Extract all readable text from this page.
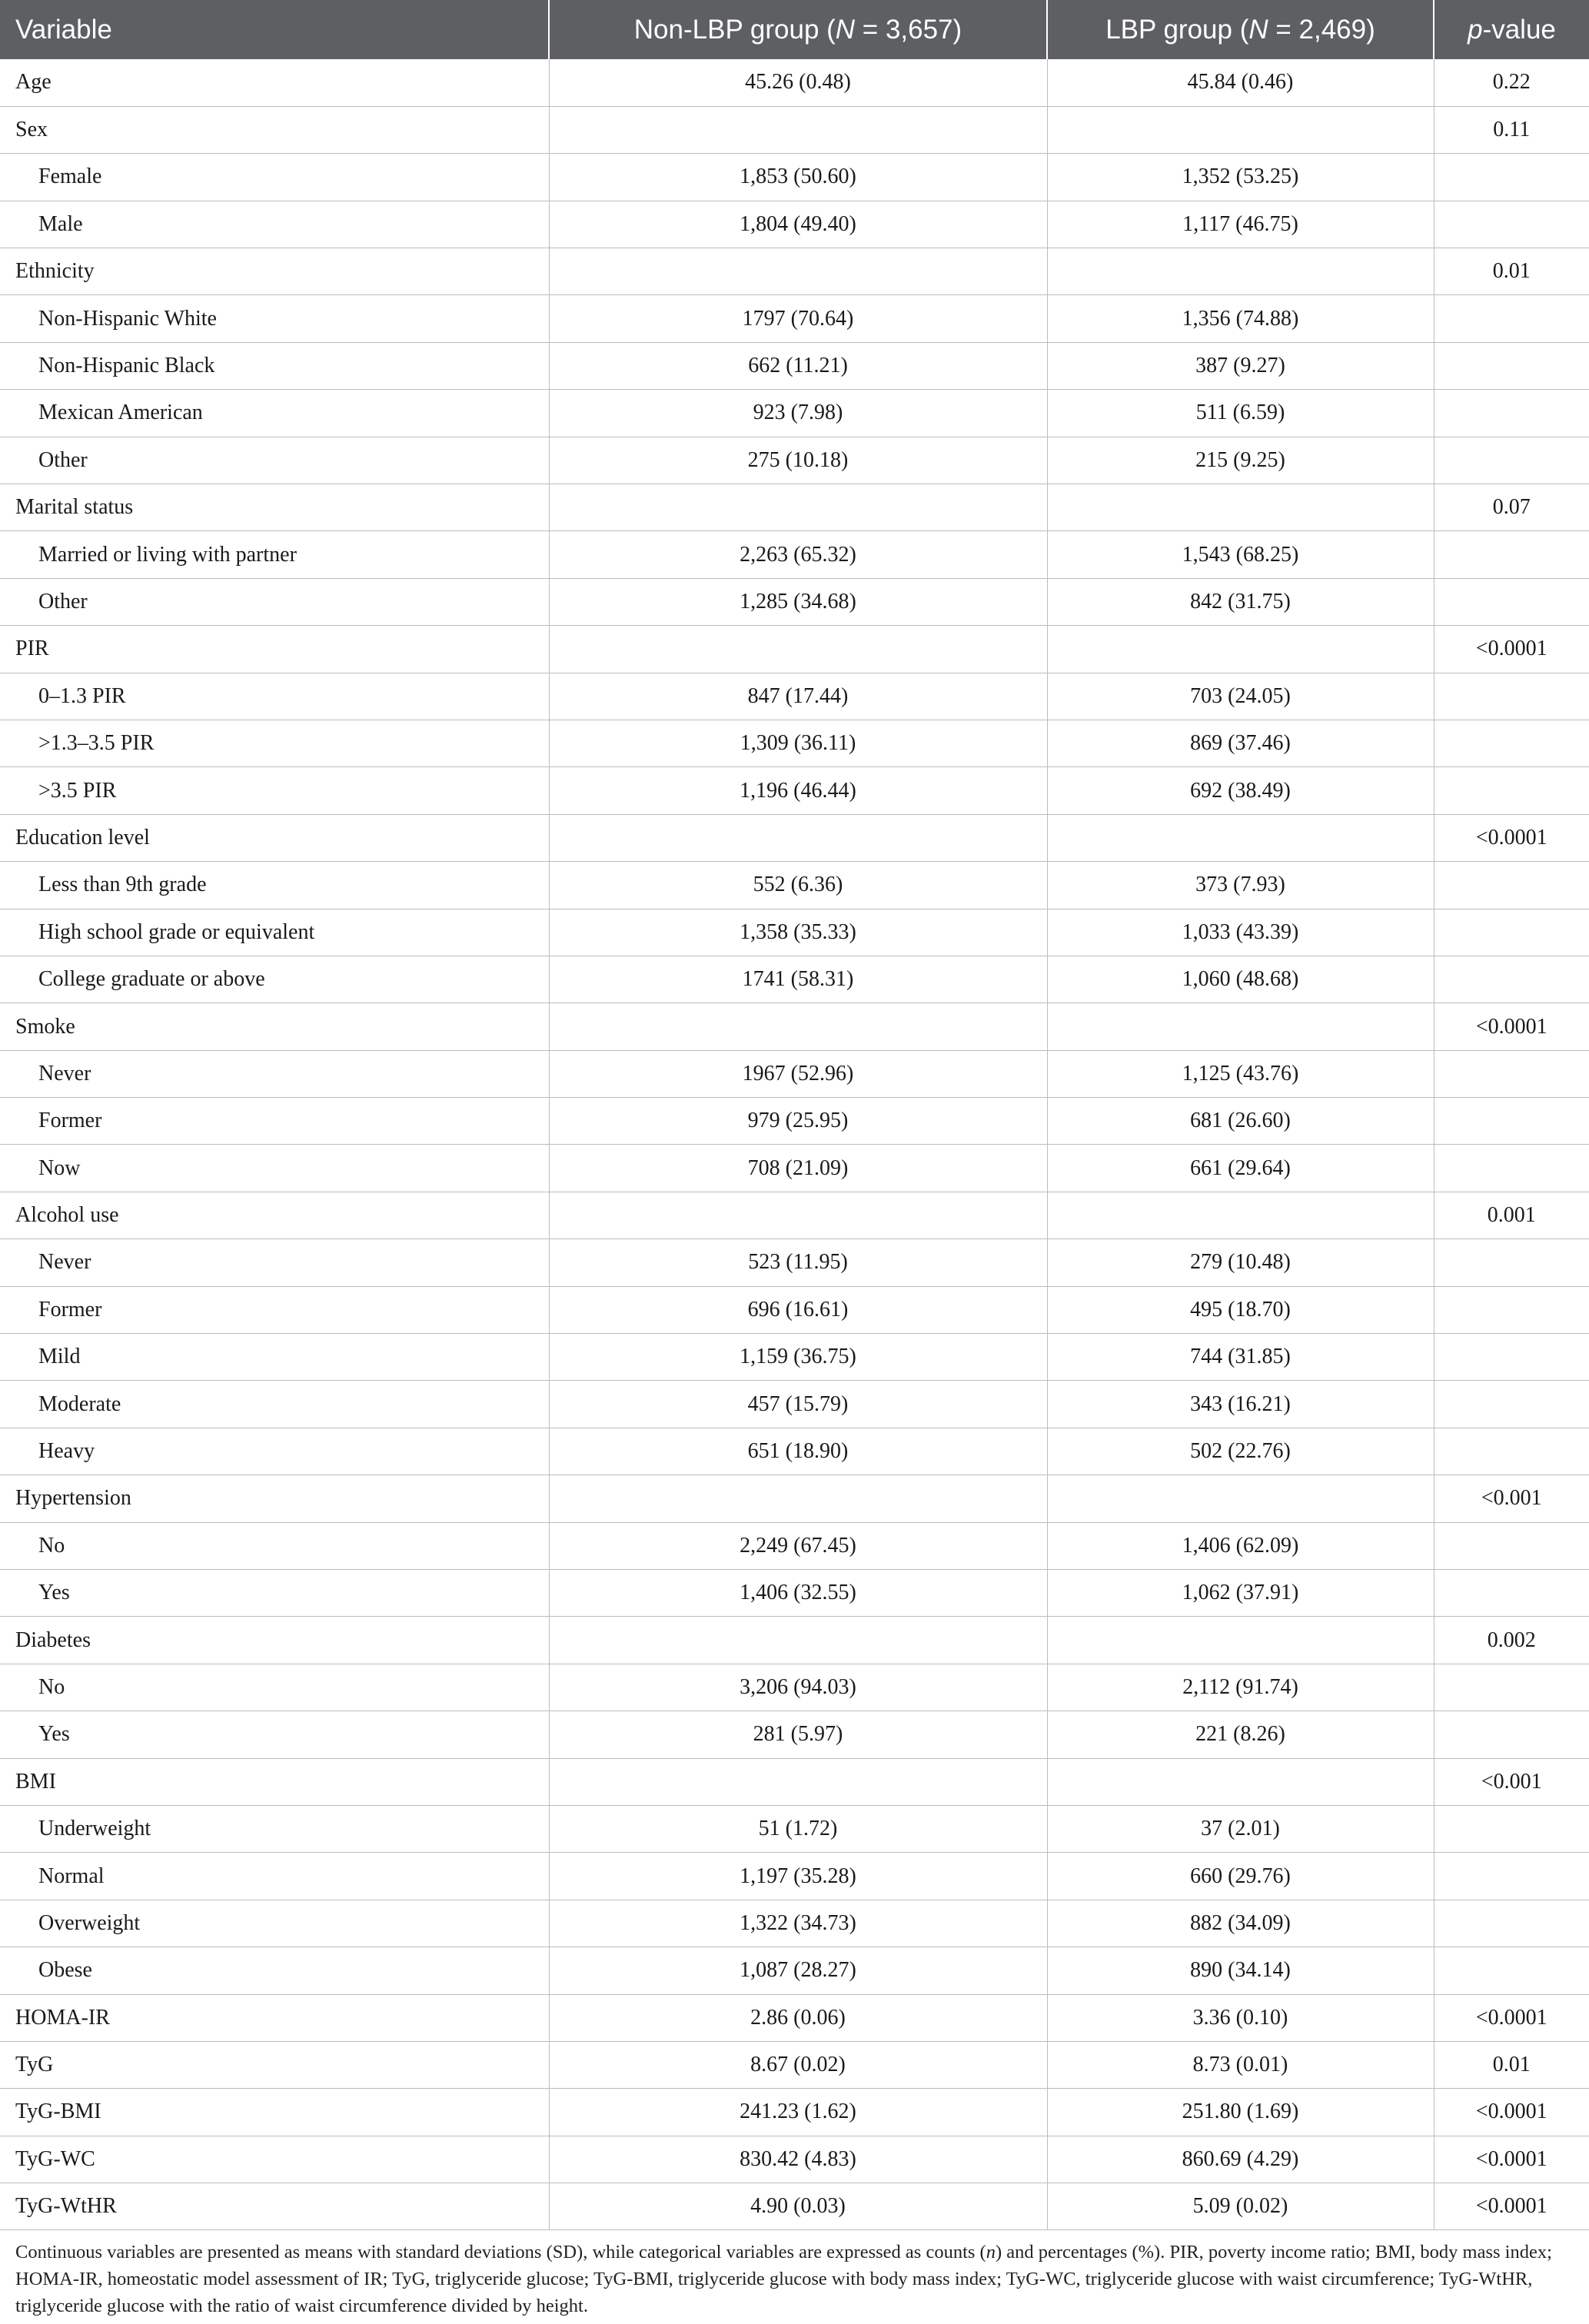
Variable	Non-LBP group (N = 3,657)	LBP group (N = 2,469)	p-value
Age	45.26 (0.48)	45.84 (0.46)	0.22
Sex			0.11
Female	1,853 (50.60)	1,352 (53.25)	
Male	1,804 (49.40)	1,117 (46.75)	
Ethnicity			0.01
Non-Hispanic White	1797 (70.64)	1,356 (74.88)	
Non-Hispanic Black	662 (11.21)	387 (9.27)	
Mexican American	923 (7.98)	511 (6.59)	
Other	275 (10.18)	215 (9.25)	
Marital status			0.07
Married or living with partner	2,263 (65.32)	1,543 (68.25)	
Other	1,285 (34.68)	842 (31.75)	
PIR			<0.0001
0–1.3 PIR	847 (17.44)	703 (24.05)	
>1.3–3.5 PIR	1,309 (36.11)	869 (37.46)	
>3.5 PIR	1,196 (46.44)	692 (38.49)	
Education level			<0.0001
Less than 9th grade	552 (6.36)	373 (7.93)	
High school grade or equivalent	1,358 (35.33)	1,033 (43.39)	
College graduate or above	1741 (58.31)	1,060 (48.68)	
Smoke			<0.0001
Never	1967 (52.96)	1,125 (43.76)	
Former	979 (25.95)	681 (26.60)	
Now	708 (21.09)	661 (29.64)	
Alcohol use			0.001
Never	523 (11.95)	279 (10.48)	
Former	696 (16.61)	495 (18.70)	
Mild	1,159 (36.75)	744 (31.85)	
Moderate	457 (15.79)	343 (16.21)	
Heavy	651 (18.90)	502 (22.76)	
Hypertension			<0.001
No	2,249 (67.45)	1,406 (62.09)	
Yes	1,406 (32.55)	1,062 (37.91)	
Diabetes			0.002
No	3,206 (94.03)	2,112 (91.74)	
Yes	281 (5.97)	221 (8.26)	
BMI			<0.001
Underweight	51 (1.72)	37 (2.01)	
Normal	1,197 (35.28)	660 (29.76)	
Overweight	1,322 (34.73)	882 (34.09)	
Obese	1,087 (28.27)	890 (34.14)	
HOMA-IR	2.86 (0.06)	3.36 (0.10)	<0.0001
TyG	8.67 (0.02)	8.73 (0.01)	0.01
TyG-BMI	241.23 (1.62)	251.80 (1.69)	<0.0001
TyG-WC	830.42 (4.83)	860.69 (4.29)	<0.0001
TyG-WtHR	4.90 (0.03)	5.09 (0.02)	<0.0001
Continuous variables are presented as means with standard deviations (SD), while categorical variables are expressed as counts (n) and percentages (%). PIR, poverty income ratio; BMI, body mass index; HOMA-IR, homeostatic model assessment of IR; TyG, triglyceride glucose; TyG-BMI, triglyceride glucose with body mass index; TyG-WC, triglyceride glucose with waist circumference; TyG-WtHR, triglyceride glucose with the ratio of waist circumference divided by height.
